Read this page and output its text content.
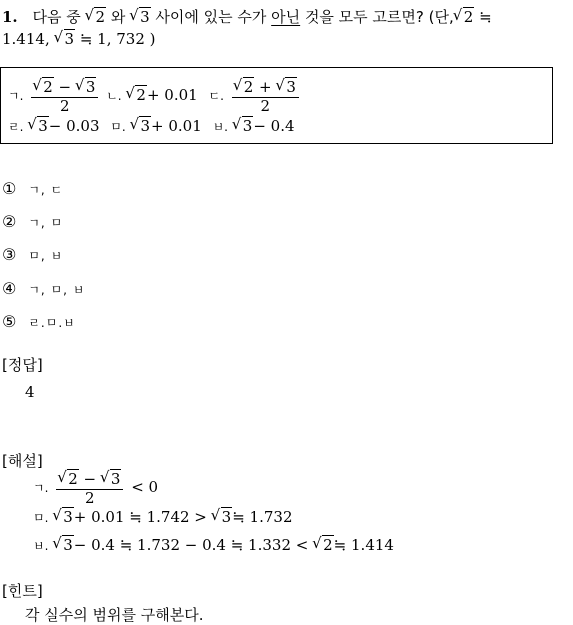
1. 다음 중 √ 2 와 √ 3 사이에 있는 수가 아닌 것을 모두 고르면? (단, √ 2 ≒
1.414, √ 3 ≒ 1, 732 )
ㄱ. √ $\frac{2 - √ 3}{2}$ ㄴ. √ 2+ 0.01 ㄷ. √ $\frac{2 + √ 3}{2}$
ㄹ. √ 3− 0.03 ㅁ. √ 3+ 0.01 ㅂ. √ 3− 0.4
① ㄱ, ㄷ
② ㄱ, ㅁ
③ ㅁ, ㅂ
④ ㄱ, ㅁ, ㅂ
⑤ ㄹ.ㅁ.ㅂ
[정답]
4
[해설]
ㄱ. √ $\frac{2 - √ 3}{2} < 0$
ㅁ. √ 3+ 0.01 ≒ 1.742 > √ 3≒ 1.732
ㅂ. √ 3− 0.4 ≒ 1.732 − 0.4 ≒ 1.332 < √ 2≒ 1.414
[힌트]
각 실수의 범위를 구해본다.
